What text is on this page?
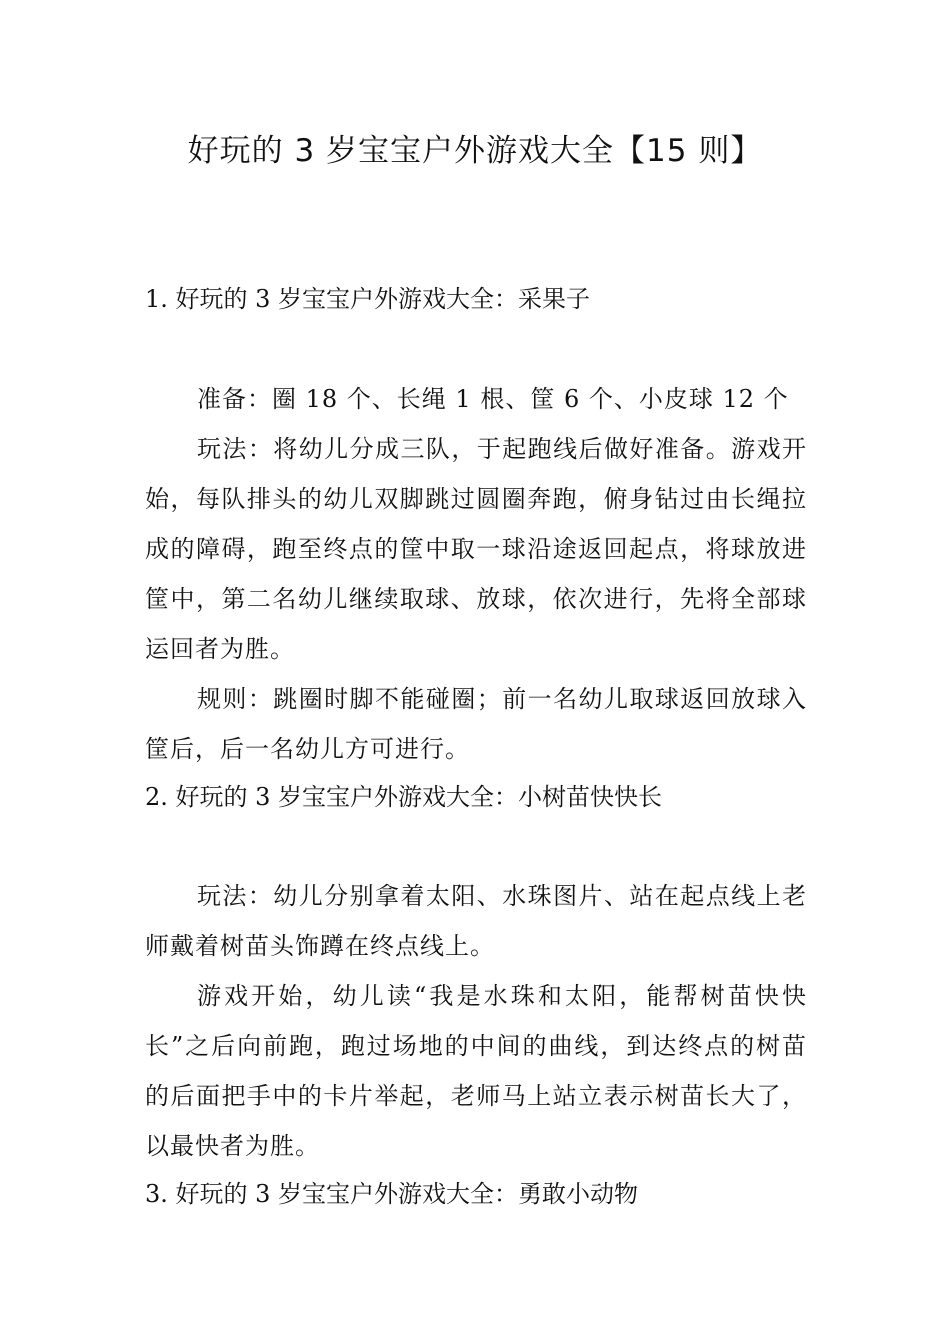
好玩的 3 岁宝宝户外游戏大全【15 则】
1. 好玩的 3 岁宝宝户外游戏大全：采果子
准备：圈 18 个、长绳 1 根、筐 6 个、小皮球 12 个
玩法：将幼儿分成三队，于起跑线后做好准备。游戏开始，每队排头的幼儿双脚跳过圆圈奔跑，俯身钻过由长绳拉成的障碍，跑至终点的筐中取一球沿途返回起点，将球放进筐中，第二名幼儿继续取球、放球，依次进行，先将全部球运回者为胜。
规则：跳圈时脚不能碰圈；前一名幼儿取球返回放球入筐后，后一名幼儿方可进行。
2. 好玩的 3 岁宝宝户外游戏大全：小树苗快快长
玩法：幼儿分别拿着太阳、水珠图片、站在起点线上老师戴着树苗头饰蹲在终点线上。
游戏开始，幼儿读“我是水珠和太阳，能帮树苗快快长”之后向前跑，跑过场地的中间的曲线，到达终点的树苗的后面把手中的卡片举起，老师马上站立表示树苗长大了，以最快者为胜。
3. 好玩的 3 岁宝宝户外游戏大全：勇敢小动物
